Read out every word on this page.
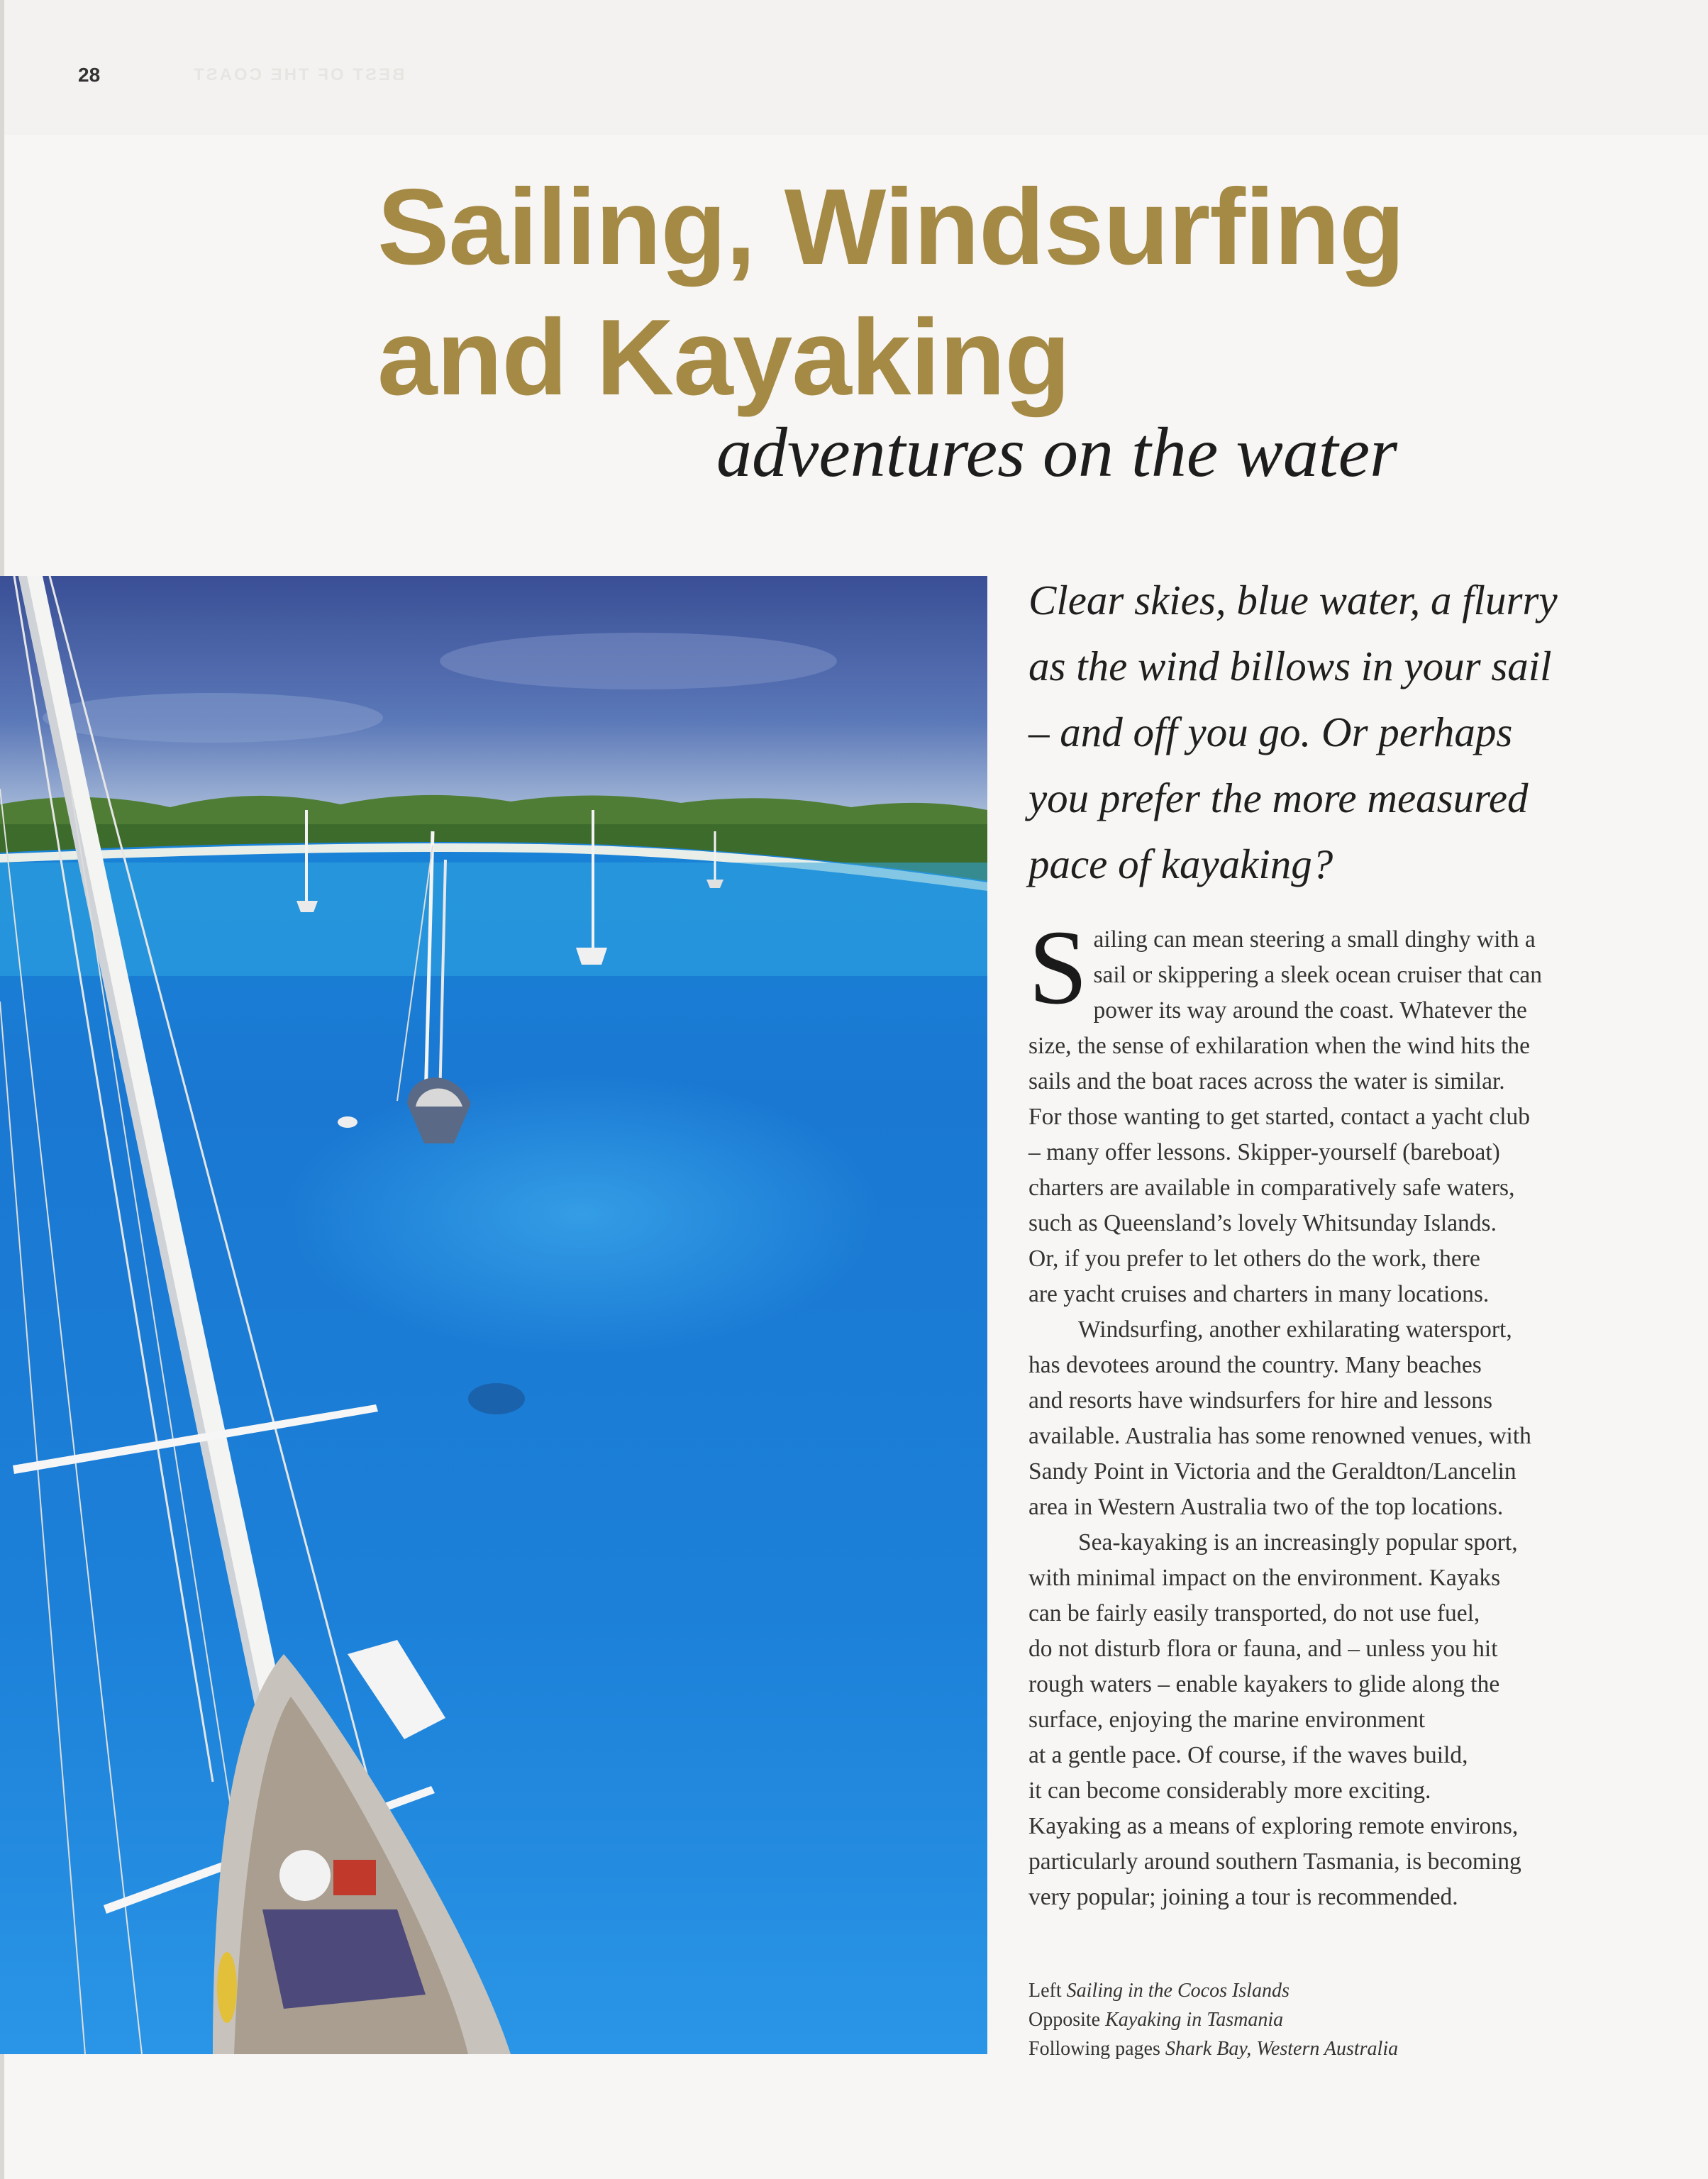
28	BEST OF THE COAST
Sailing, Windsurfing
and Kayaking
adventures on the water
Clear skies, blue water, a flurry
as the wind billows in your sail
– and off you go. Or perhaps
you prefer the more measured
pace of kayaking?

S ailing can mean steering a small dinghy with a
sail or skippering a sleek ocean cruiser that can
power its way around the coast. Whatever the
size, the sense of exhilaration when the wind hits the
sails and the boat races across the water is similar.
For those wanting to get started, contact a yacht club
– many offer lessons. Skipper-yourself (bareboat)
charters are available in comparatively safe waters,
such as Queensland’s lovely Whitsunday Islands.
Or, if you prefer to let others do the work, there
are yacht cruises and charters in many locations.

Windsurfing, another exhilarating watersport,
has devotees around the country. Many beaches
and resorts have windsurfers for hire and lessons
available. Australia has some renowned venues, with
Sandy Point in Victoria and the Geraldton/Lancelin
area in Western Australia two of the top locations.

Sea-kayaking is an increasingly popular sport,
with minimal impact on the environment. Kayaks
can be fairly easily transported, do not use fuel,
do not disturb flora or fauna, and – unless you hit
rough waters – enable kayakers to glide along the
surface, enjoying the marine environment
at a gentle pace. Of course, if the waves build,
it can become considerably more exciting.
Kayaking as a means of exploring remote environs,
particularly around southern Tasmania, is becoming
very popular; joining a tour is recommended.

Left Sailing in the Cocos Islands
Opposite Kayaking in Tasmania
Following pages Shark Bay, Western Australia
